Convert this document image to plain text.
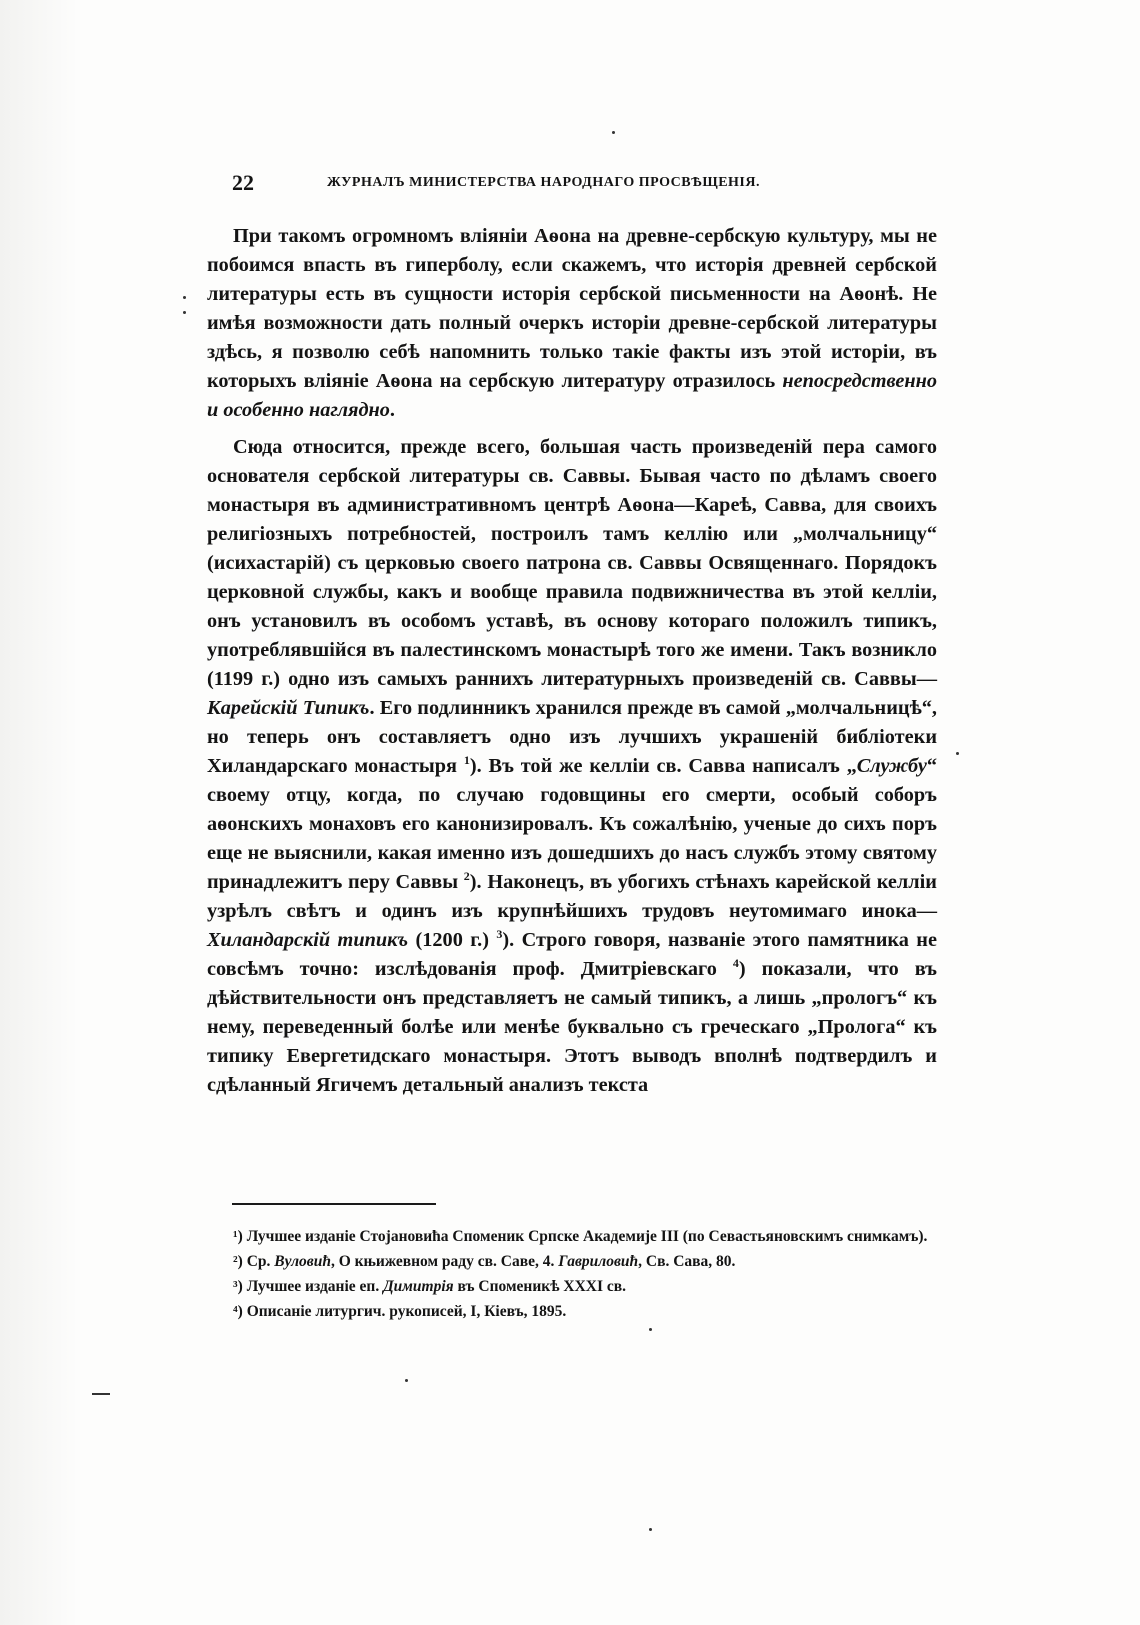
22	ЖУРНАЛЪ МИНИСТЕРСТВА НАРОДНАГО ПРОСВѢЩЕНІЯ.

При такомъ огромномъ вліяніи Аѳона на древне-сербскую культуру, мы не побоимся впасть въ гиперболу, если скажемъ, что исторія древней сербской литературы есть въ сущности исторія сербской письменности на Аѳонѣ. Не имѣя возможности дать полный очеркъ исторіи древне-сербской литературы здѣсь, я позволю себѣ напомнить только такіе факты изъ этой исторіи, въ которыхъ вліяніе Аѳона на сербскую литературу отразилось непосредственно и особенно наглядно.

Сюда относится, прежде всего, большая часть произведеній пера самого основателя сербской литературы св. Саввы. Бывая часто по дѣламъ своего монастыря въ административномъ центрѣ Аѳона—Кареѣ, Савва, для своихъ религіозныхъ потребностей, построилъ тамъ келлію или „молчальницу“ (исихастарій) съ церковью своего патрона св. Саввы Освященнаго. Порядокъ церковной службы, какъ и вообще правила подвижничества въ этой келліи, онъ установилъ въ особомъ уставѣ, въ основу котораго положилъ типикъ, употреблявшійся въ палестинскомъ монастырѣ того же имени. Такъ возникло (1199 г.) одно изъ самыхъ раннихъ литературныхъ произведеній св. Саввы—Карейскій Типикъ. Его подлинникъ хранился прежде въ самой „молчальницѣ“, но теперь онъ составляетъ одно изъ лучшихъ украшеній библіотеки Хиландарскаго монастыря $^1$). Въ той же келліи св. Савва написалъ „Службу“ своему отцу, когда, по случаю годовщины его смерти, особый соборъ аѳонскихъ монаховъ его канонизировалъ. Къ сожалѣнію, ученые до сихъ поръ еще не выяснили, какая именно изъ дошедшихъ до насъ службъ этому святому принадлежитъ перу Саввы $^2$). Наконецъ, въ убогихъ стѣнахъ карейской келліи узрѣлъ свѣтъ и одинъ изъ крупнѣйшихъ трудовъ неутомимаго инока—Хиландарскій типикъ (1200 г.) $^3$). Строго говоря, названіе этого памятника не совсѣмъ точно: изслѣдованія проф. Дмитріевскаго $^4$) показали, что въ дѣйствительности онъ представляетъ не самый типикъ, а лишь „прологъ“ къ нему, переведенный болѣе или менѣе буквально съ греческаго „Пролога“ къ типику Евергетидскаго монастыря. Этотъ выводъ вполнѣ подтвердилъ и сдѣланный Ягичемъ детальный анализъ текста

¹) Лучшее изданіе Стојановића Споменик Српске Академије III (по Севастьяновскимъ снимкамъ).

²) Ср. Вуловић, О књижевном раду св. Саве, 4. Гавриловић, Св. Сава, 80.

³) Лучшее изданіе еп. Димитрія въ Споменикѣ XXXI св.

⁴) Описаніе литургич. рукописей, I, Кіевъ, 1895.
